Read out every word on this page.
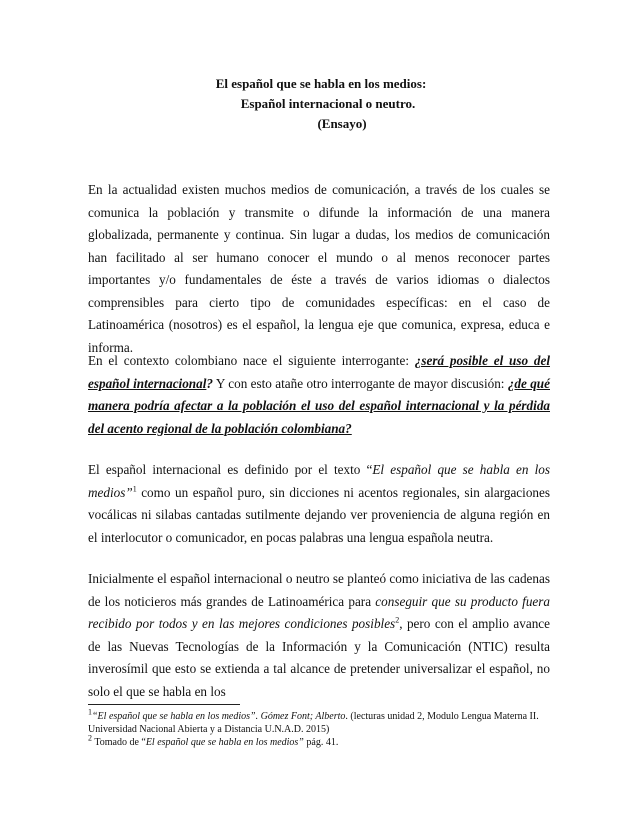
El español que se habla en los medios:
Español internacional o neutro.
(Ensayo)

En la actualidad existen muchos medios de comunicación, a través de los cuales se comunica la población y transmite o difunde la información de una manera globalizada, permanente y continua. Sin lugar a dudas, los medios de comunicación han facilitado al ser humano conocer el mundo o al menos reconocer partes importantes y/o fundamentales de éste a través de varios idiomas o dialectos comprensibles para cierto tipo de comunidades específicas: en el caso de Latinoamérica (nosotros) es el español, la lengua eje que comunica, expresa, educa e informa.

En el contexto colombiano nace el siguiente interrogante: ¿será posible el uso del español internacional? Y con esto atañe otro interrogante de mayor discusión: ¿de qué manera podría afectar a la población el uso del español internacional y la pérdida del acento regional de la población colombiana?

El español internacional es definido por el texto “El español que se habla en los medios”$^1$ como un español puro, sin dicciones ni acentos regionales, sin alargaciones vocálicas ni silabas cantadas sutilmente dejando ver proveniencia de alguna región en el interlocutor o comunicador, en pocas palabras una lengua española neutra.

Inicialmente el español internacional o neutro se planteó como iniciativa de las cadenas de los noticieros más grandes de Latinoamérica para conseguir que su producto fuera recibido por todos y en las mejores condiciones posibles$^2$, pero con el amplio avance de las Nuevas Tecnologías de la Información y la Comunicación (NTIC) resulta inverosímil que esto se extienda a tal alcance de pretender universalizar el español, no solo el que se habla en los

$^1$“El español que se habla en los medios”. Gómez Font; Alberto. (lecturas unidad 2, Modulo Lengua Materna II. Universidad Nacional Abierta y a Distancia U.N.A.D. 2015)

$^2$ Tomado de “El español que se habla en los medios” pág. 41.
